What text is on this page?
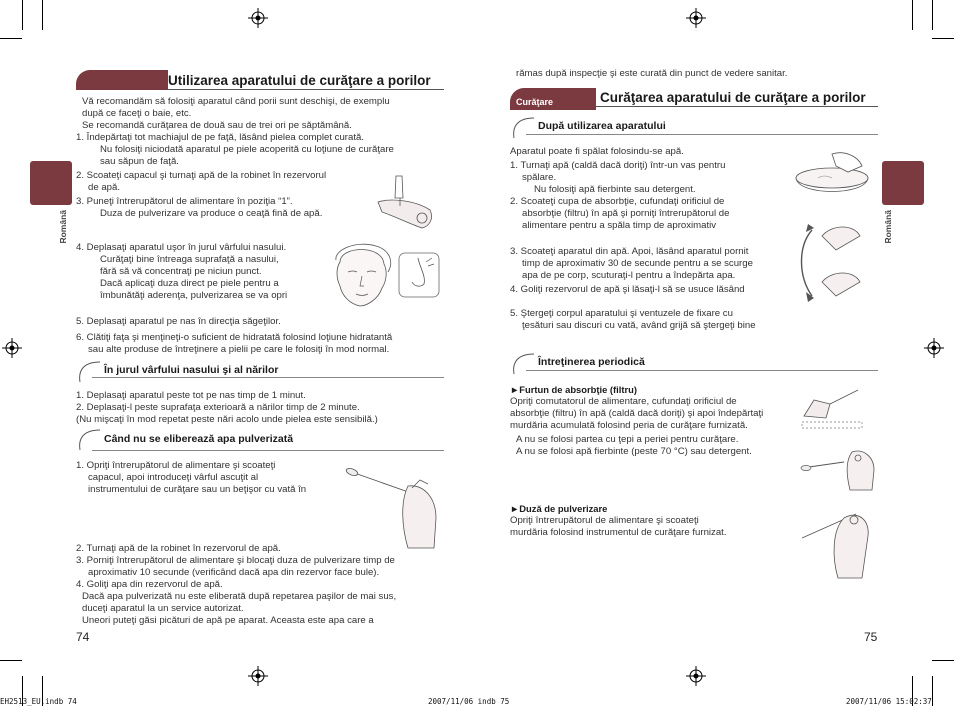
Română
Utilizarea aparatului de curăţare a porilor
Vă recomandăm să folosiţi aparatul când porii sunt deschişi, de exemplu
după ce faceţi o baie, etc.
Se recomandă curăţarea de două sau de trei ori pe săptămână.
1. Îndepărtaţi tot machiajul de pe faţă, lăsând pielea complet curată.
Nu folosiţi niciodată aparatul pe piele acoperită cu loţiune de curăţare
sau săpun de faţă.
2. Scoateţi capacul şi turnaţi apă de la robinet în rezervorul
de apă.
3. Puneţi întrerupătorul de alimentare în poziţia “1”.
Duza de pulverizare va produce o ceaţă fină de apă.
4. Deplasaţi aparatul uşor în jurul vârfului nasului.
Curăţaţi bine întreaga suprafaţă a nasului,
fără să vă concentraţi pe niciun punct.
Dacă aplicaţi duza direct pe piele pentru a
îmbunătăţi aderenţa, pulverizarea se va opri
5. Deplasaţi aparatul pe nas în direcţia săgeţilor.
6. Clătiţi faţa şi menţineţi-o suficient de hidratată folosind loţiune hidratantă
sau alte produse de întreţinere a pielii pe care le folosiţi în mod normal.
În jurul vârfului nasului şi al nărilor
1. Deplasaţi aparatul peste tot pe nas timp de 1 minut.
2. Deplasaţi-l peste suprafaţa exterioară a nărilor timp de 2 minute.
(Nu mişcaţi în mod repetat peste nări acolo unde pielea este sensibilă.)
Când nu se eliberează apa pulverizată
1. Opriţi întrerupătorul de alimentare şi scoateţi
capacul, apoi introduceţi vârful ascuţit al
instrumentului de curăţare sau un beţişor cu vată în
2. Turnaţi apă de la robinet în rezervorul de apă.
3. Porniţi întrerupătorul de alimentare şi blocaţi duza de pulverizare timp de
aproximativ 10 secunde (verificând dacă apa din rezervor face bule).
4. Goliţi apa din rezervorul de apă.
Dacă apa pulverizată nu este eliberată după repetarea paşilor de mai sus,
duceţi aparatul la un service autorizat.
Uneori puteţi găsi picături de apă pe aparat. Aceasta este apa care a
74
Română
rămas după inspecţie şi este curată din punct de vedere sanitar.
Curăţare	Curăţarea aparatului de curăţare a porilor
După utilizarea aparatului
Aparatul poate fi spălat folosindu-se apă.
1. Turnaţi apă (caldă dacă doriţi) într-un vas pentru
spălare.
Nu folosiţi apă fierbinte sau detergent.
2. Scoateţi cupa de absorbţie, cufundaţi orificiul de
absorbţie (filtru) în apă şi porniţi întrerupătorul de
alimentare pentru a spăla timp de aproximativ
3. Scoateţi aparatul din apă. Apoi, lăsând aparatul pornit
timp de aproximativ 30 de secunde pentru a se scurge
apa de pe corp, scuturaţi-l pentru a îndepărta apa.
4. Goliţi rezervorul de apă şi lăsaţi-l să se usuce lăsând
5. Ştergeţi corpul aparatului şi ventuzele de fixare cu
ţesături sau discuri cu vată, având grijă să ştergeţi bine
Întreţinerea periodică
►Furtun de absorbţie (filtru)
Opriţi comutatorul de alimentare, cufundaţi orificiul de
absorbţie (filtru) în apă (caldă dacă doriţi) şi apoi îndepărtaţi
murdăria acumulată folosind peria de curăţare furnizată.
A nu se folosi partea cu ţepi a periei pentru curăţare.
A nu se folosi apă fierbinte (peste 70 °C) sau detergent.
►Duză de pulverizare
Opriţi întrerupătorul de alimentare şi scoateţi
murdăria folosind instrumentul de curăţare furnizat.
75
EH2513_EU.indb 74	2007/11/06 indb 75	2007/11/06 15:02:37
